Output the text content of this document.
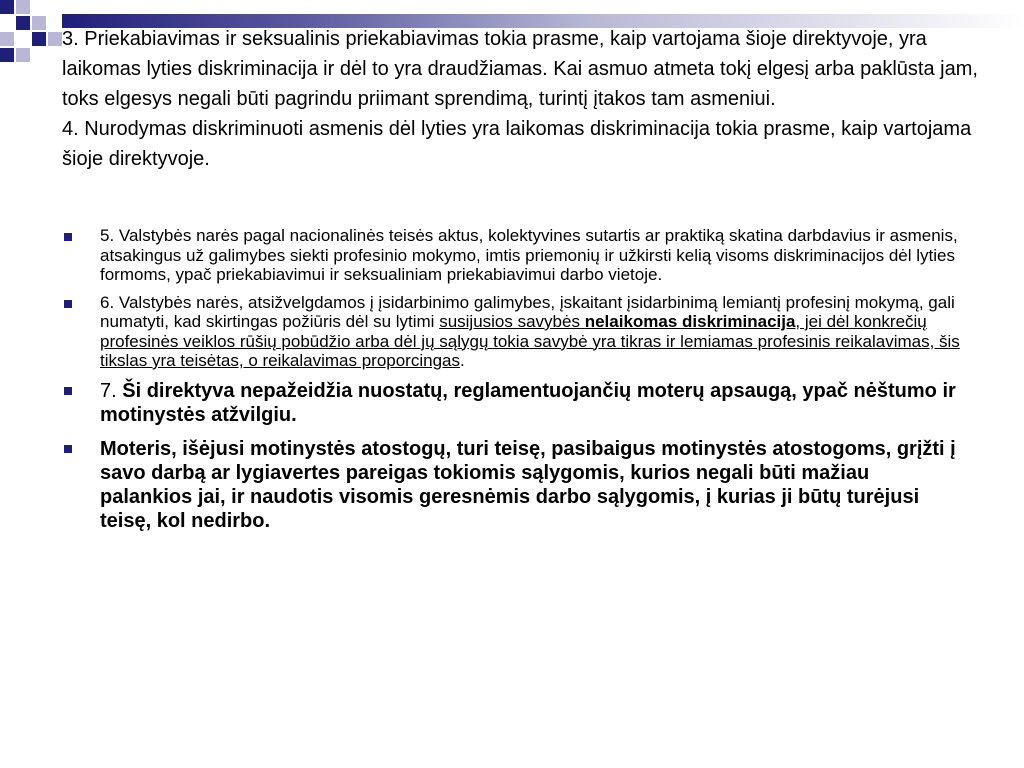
3. Priekabiavimas ir seksualinis priekabiavimas tokia prasme, kaip vartojama šioje direktyvoje, yra laikomas lyties diskriminacija ir dėl to yra draudžiamas. Kai asmuo atmeta tokį elgesį arba paklūsta jam, toks elgesys negali būti pagrindu priimant sprendimą, turintį įtakos tam asmeniui.

4. Nurodymas diskriminuoti asmenis dėl lyties yra laikomas diskriminacija tokia prasme, kaip vartojama šioje direktyvoje.

5. Valstybės narės pagal nacionalinės teisės aktus, kolektyvines sutartis ar praktiką skatina darbdavius ir asmenis, atsakingus už galimybes siekti profesinio mokymo, imtis priemonių ir užkirsti kelią visoms diskriminacijos dėl lyties formoms, ypač priekabiavimui ir seksualiniam priekabiavimui darbo vietoje.
6. Valstybės narės, atsižvelgdamos į įsidarbinimo galimybes, įskaitant įsidarbinimą lemiantį profesinį mokymą, gali numatyti, kad skirtingas požiūris dėl su lytimi susijusios savybės nelaikomas diskriminacija, jei dėl konkrečių profesinės veiklos rūšių pobūdžio arba dėl jų sąlygų tokia savybė yra tikras ir lemiamas profesinis reikalavimas, šis tikslas yra teisėtas, o reikalavimas proporcingas.
7. Ši direktyva nepažeidžia nuostatų, reglamentuojančių moterų apsaugą, ypač nėštumo ir motinystės atžvilgiu.
Moteris, išėjusi motinystės atostogų, turi teisę, pasibaigus motinystės atostogoms, grįžti į savo darbą ar lygiavertes pareigas tokiomis sąlygomis, kurios negali būti mažiau palankios jai, ir naudotis visomis geresnėmis darbo sąlygomis, į kurias ji būtų turėjusi teisę, kol nedirbo.
